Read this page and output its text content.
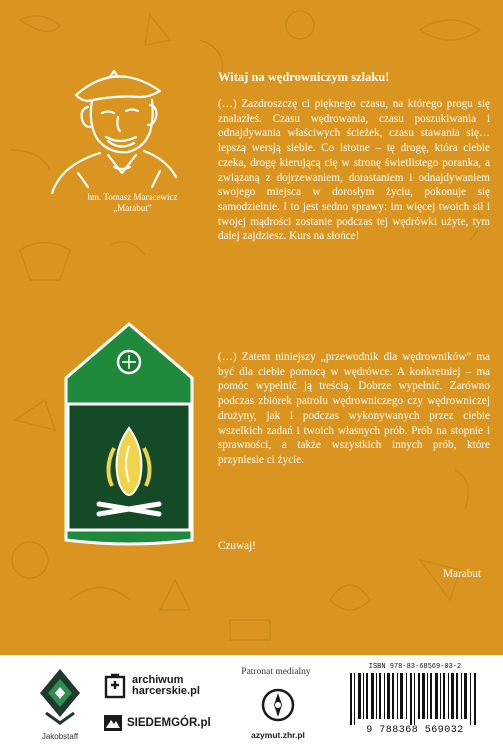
hm. Tomasz Maracewicz
„Marabut”
Witaj na wędrowniczym szlaku!

(…) Zazdroszczę ci pięknego czasu, na którego progu się znalazłeś. Czasu wędrowania, czasu poszukiwania i odnajdywania właściwych ścieżek, czasu stawania się… lepszą wersją siebie. Co istotne – tę drogę, która ciebie czeka, drogę kierującą cię w stronę świetlistego poranka, a związaną z dojrzewaniem, dorastaniem i odnajdywaniem swojego miejsca w dorosłym życiu, pokonuje się samodzielnie. I to jest sedno sprawy: im więcej twoich sił i twojej mądrości zostanie podczas tej wędrówki użyte, tym dalej zajdziesz. Kurs na słońce!

(…) Zatem niniejszy „przewodnik dla wędrowników” ma być dla ciebie pomocą w wędrówce. A konkretniej – ma pomóc wypełnić ją treścią. Dobrze wypełnić. Zarówno podczas zbiórek patrolu wędrowniczego czy wędrowniczej drużyny, jak i podczas wykonywanych przez ciebie wszelkich zadań i twoich własnych prób. Prób na stopnie i sprawności, a także wszystkich innych prób, które przyniesie ci życie.

Czuwaj!
Marabut
Jakobstaff
archiwum
harcerskie.pl
SIEDEMGÓR.pl
Patronat medialny
azymut.zhr.pl
ISBN 978-83-68569-03-2
9 788368 569032
